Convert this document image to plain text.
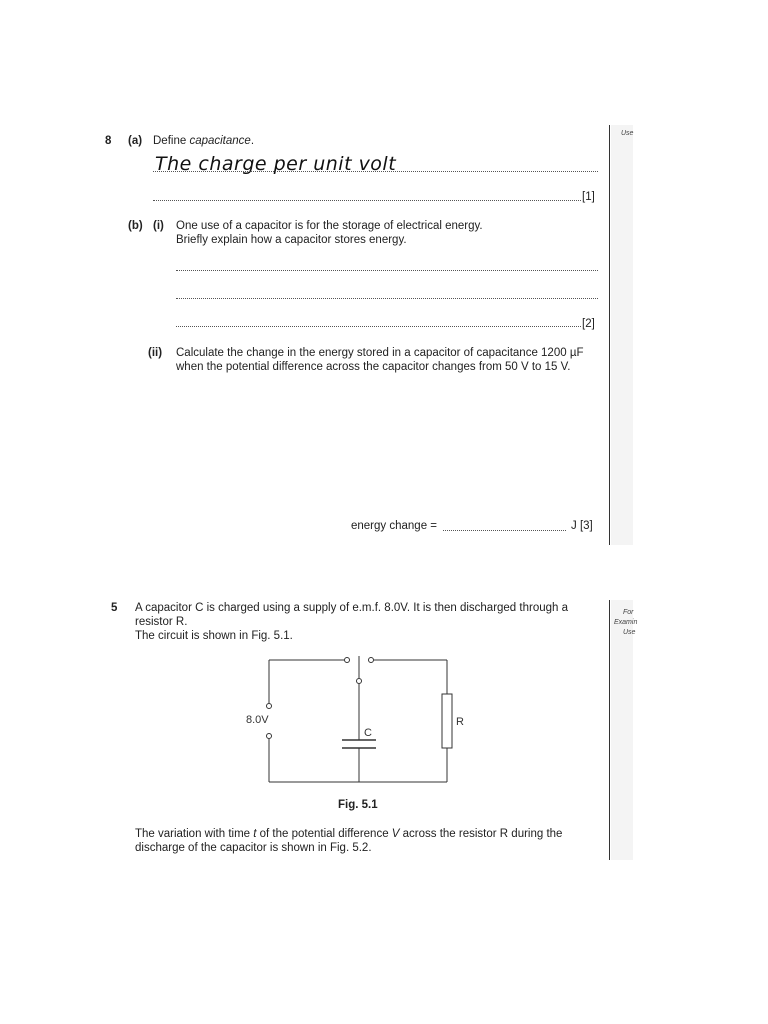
Use
8 (a) Define capacitance.
The charge per unit volt
[1]
(b) (i) One use of a capacitor is for the storage of electrical energy.
Briefly explain how a capacitor stores energy.
[2]
(ii) Calculate the change in the energy stored in a capacitor of capacitance 1200 µF
when the potential difference across the capacitor changes from 50 V to 15 V.
energy change =	J [3]
For
Examin
Use
5 A capacitor C is charged using a supply of e.m.f. 8.0V. It is then discharged through a
resistor R.
The circuit is shown in Fig. 5.1.
8.0V
C
R
Fig. 5.1
The variation with time t of the potential difference V across the resistor R during the
discharge of the capacitor is shown in Fig. 5.2.
